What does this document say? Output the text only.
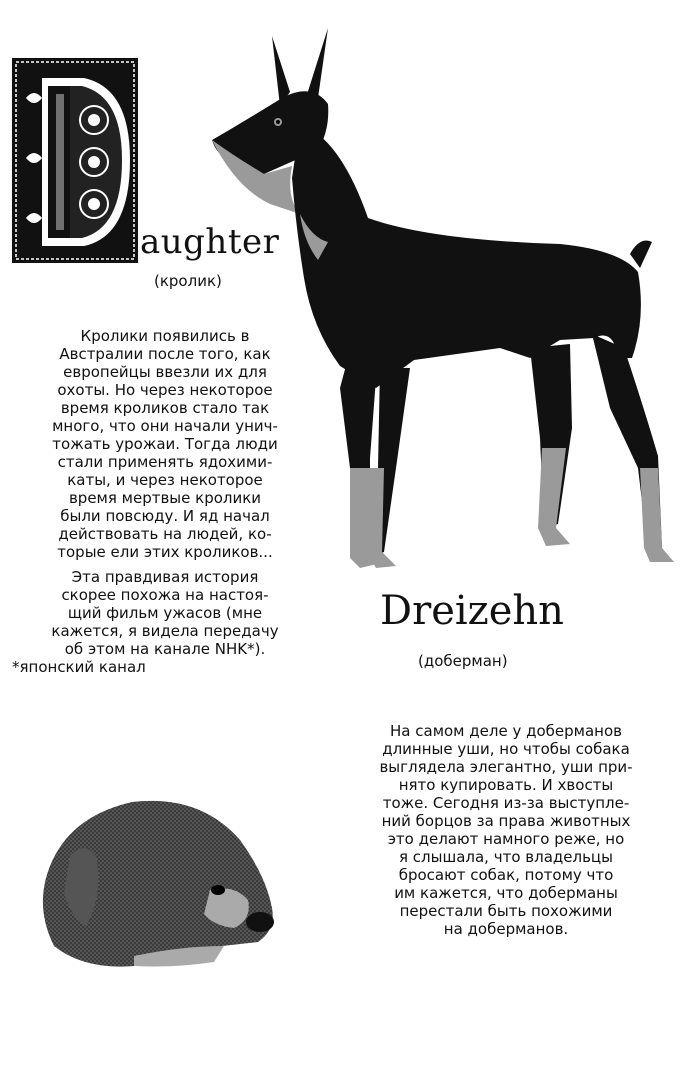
aughter
(кролик)
Кролики появились в
Австралии после того, как
европейцы ввезли их для
охоты. Но через некоторое
время кроликов стало так
много, что они начали унич-
тожать урожаи. Тогда люди
стали применять ядохими-
каты, и через некоторое
время мертвые кролики
были повсюду. И яд начал
действовать на людей, ко-
торые ели этих кроликов...
Эта правдивая история
скорее похожа на настоя-
щий фильм ужасов (мне
кажется, я видела передачу
об этом на канале NHK*).
*японский канал
Dreizehn
(доберман)
На самом деле у доберманов
длинные уши, но чтобы собака
выглядела элегантно, уши при-
нято купировать. И хвосты
тоже. Сегодня из-за выступле-
ний борцов за права животных
это делают намного реже, но
я слышала, что владельцы
бросают собак, потому что
им кажется, что доберманы
перестали быть похожими
на доберманов.
